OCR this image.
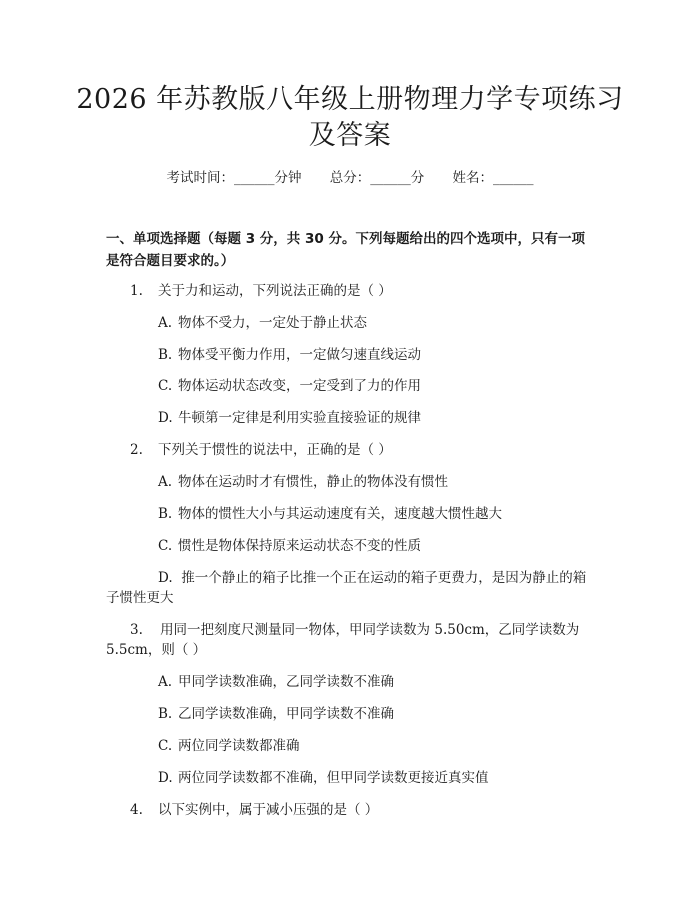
2026 年苏教版八年级上册物理力学专项练习
及答案
考试时间：______分钟 总分：______分 姓名：______

一、单项选择题（每题 3 分，共 30 分。下列每题给出的四个选项中，只有一项是符合题目要求的。）

1. 关于力和运动，下列说法正确的是（ ）
A. 物体不受力，一定处于静止状态
B. 物体受平衡力作用，一定做匀速直线运动
C. 物体运动状态改变，一定受到了力的作用
D. 牛顿第一定律是利用实验直接验证的规律
2. 下列关于惯性的说法中，正确的是（ ）
A. 物体在运动时才有惯性，静止的物体没有惯性
B. 物体的惯性大小与其运动速度有关，速度越大惯性越大
C. 惯性是物体保持原来运动状态不变的性质
D. 推一个静止的箱子比推一个正在运动的箱子更费力，是因为静止的箱子惯性更大
3. 用同一把刻度尺测量同一物体，甲同学读数为 5.50cm，乙同学读数为 5.5cm，则（ ）
A. 甲同学读数准确，乙同学读数不准确
B. 乙同学读数准确，甲同学读数不准确
C. 两位同学读数都准确
D. 两位同学读数都不准确，但甲同学读数更接近真实值
4. 以下实例中，属于减小压强的是（ ）
